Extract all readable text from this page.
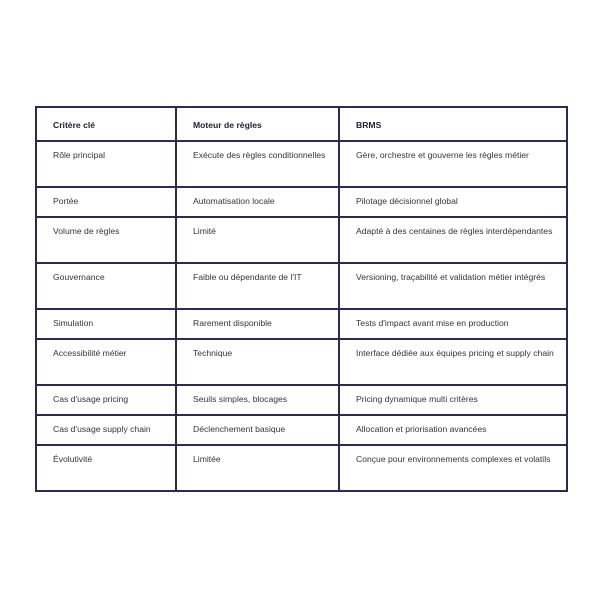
Critère clé	Moteur de règles	BRMS
Rôle principal	Exécute des règles conditionnelles	Gère, orchestre et gouverne les règles métier
Portée	Automatisation locale	Pilotage décisionnel global
Volume de règles	Limité	Adapté à des centaines de règles interdépendantes
Gouvernance	Faible ou dépendante de l'IT	Versioning, traçabilité et validation métier intégrés
Simulation	Rarement disponible	Tests d'impact avant mise en production
Accessibilité métier	Technique	Interface dédiée aux équipes pricing et supply chain
Cas d'usage pricing	Seuils simples, blocages	Pricing dynamique multi critères
Cas d'usage supply chain	Déclenchement basique	Allocation et priorisation avancées
Évolutivité	Limitée	Conçue pour environnements complexes et volatils
